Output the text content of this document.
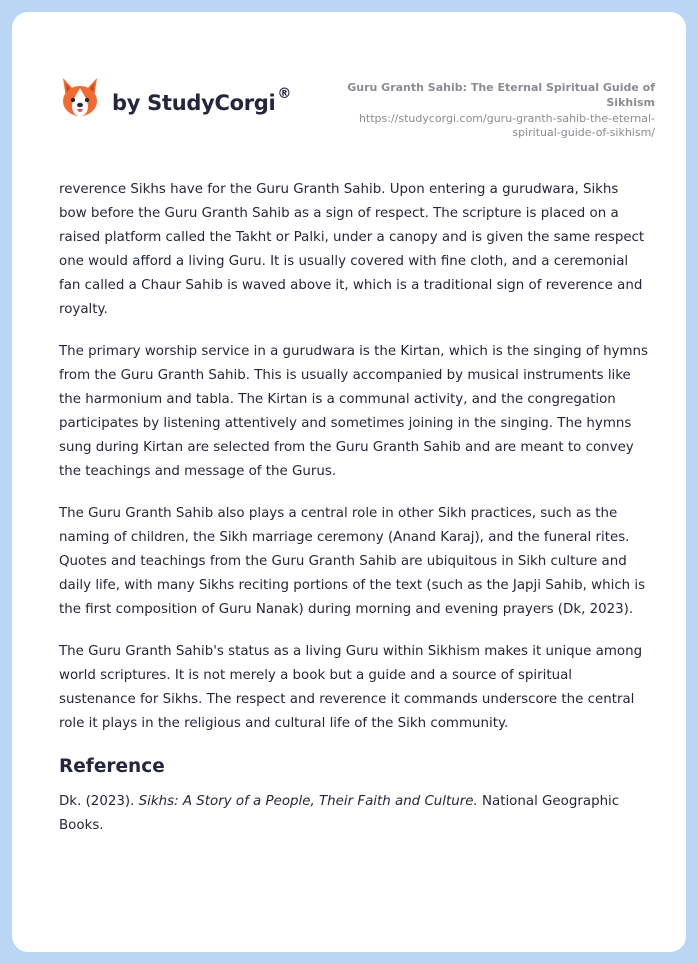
by StudyCorgi ®	Guru Granth Sahib: The Eternal Spiritual Guide of Sikhism
https://studycorgi.com/guru-granth-sahib-the-eternal-
spiritual-guide-of-sikhism/

reverence Sikhs have for the Guru Granth Sahib. Upon entering a gurudwara, Sikhs bow before the Guru Granth Sahib as a sign of respect. The scripture is placed on a raised platform called the Takht or Palki, under a canopy and is given the same respect one would afford a living Guru. It is usually covered with fine cloth, and a ceremonial fan called a Chaur Sahib is waved above it, which is a traditional sign of reverence and royalty.

The primary worship service in a gurudwara is the Kirtan, which is the singing of hymns from the Guru Granth Sahib. This is usually accompanied by musical instruments like the harmonium and tabla. The Kirtan is a communal activity, and the congregation participates by listening attentively and sometimes joining in the singing. The hymns sung during Kirtan are selected from the Guru Granth Sahib and are meant to convey the teachings and message of the Gurus.

The Guru Granth Sahib also plays a central role in other Sikh practices, such as the naming of children, the Sikh marriage ceremony (Anand Karaj), and the funeral rites. Quotes and teachings from the Guru Granth Sahib are ubiquitous in Sikh culture and daily life, with many Sikhs reciting portions of the text (such as the Japji Sahib, which is the first composition of Guru Nanak) during morning and evening prayers (Dk, 2023).

The Guru Granth Sahib's status as a living Guru within Sikhism makes it unique among world scriptures. It is not merely a book but a guide and a source of spiritual sustenance for Sikhs. The respect and reverence it commands underscore the central role it plays in the religious and cultural life of the Sikh community.

Reference

Dk. (2023). Sikhs: A Story of a People, Their Faith and Culture. National Geographic Books.
